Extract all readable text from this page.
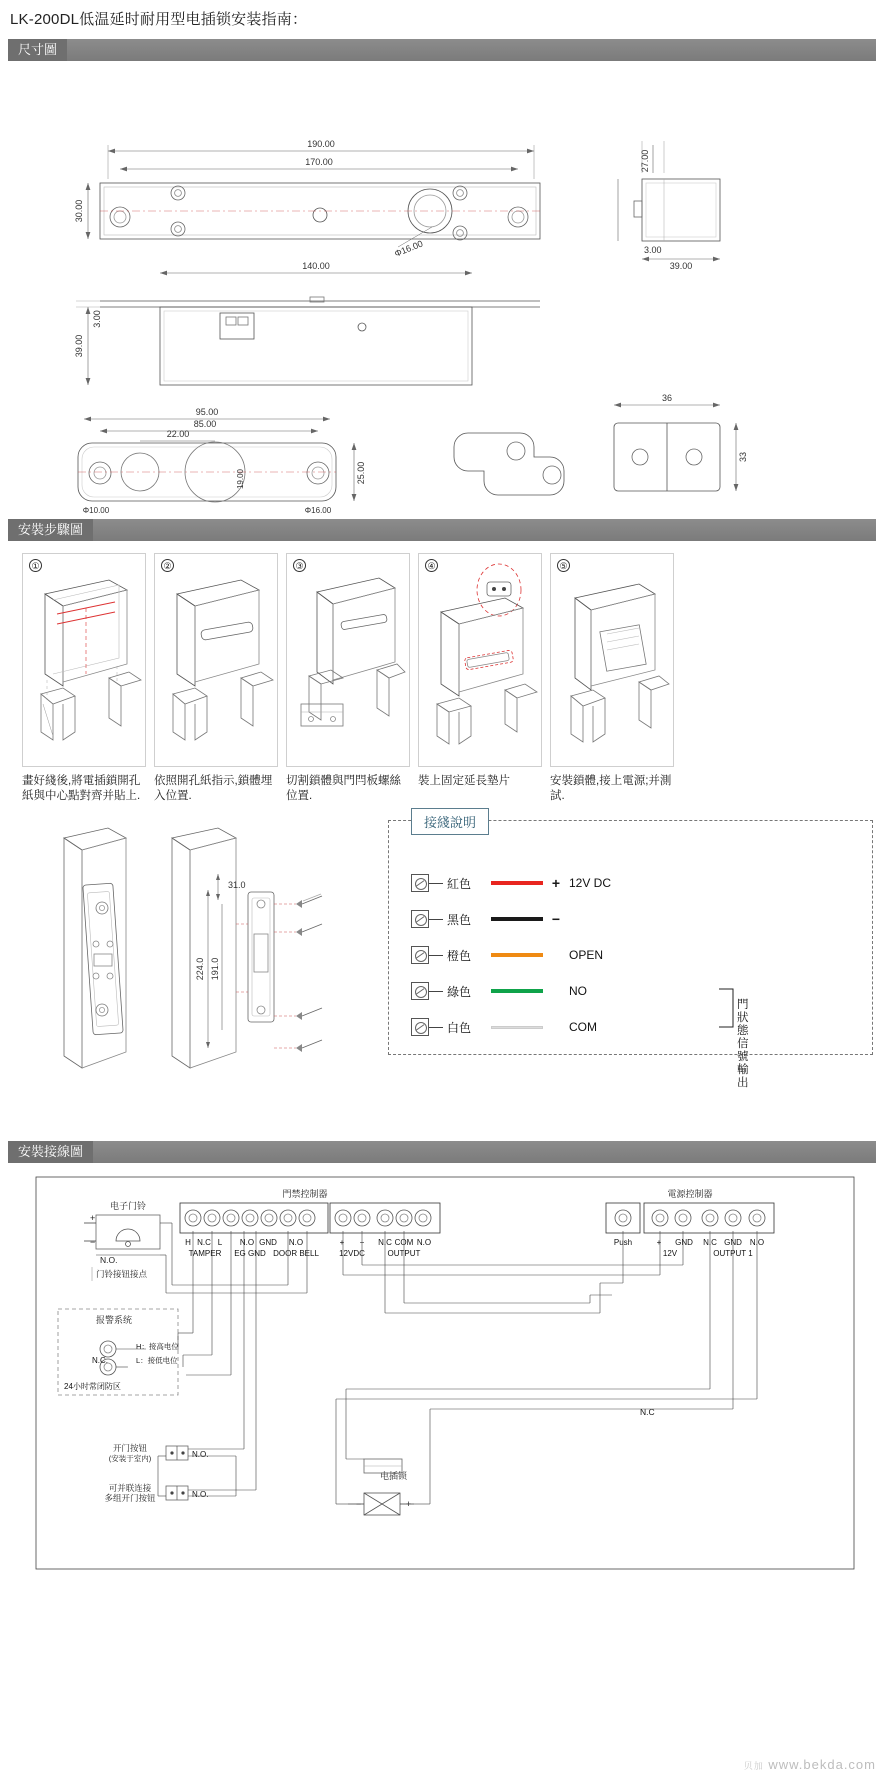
LK-200DL低温延时耐用型电插锁安装指南：
尺寸圖
190.00
170.00
30.00
Φ16.00
27.00
3.00
39.00
140.00
39.00
3.00
95.00
85.00
22.00
25.00
19.00
Φ10.00	Φ16.00
36
33
安裝步驟圖
①
畫好綫後,將電插鎖開孔紙與中心點對齊并貼上.
②
依照開孔紙指示,鎖體埋入位置.
③
切割鎖體與門閂板螺絲位置.
④
裝上固定延長墊片
⑤
安裝鎖體,接上電源;并測試.
31.0
224.0 191.0
接綫說明
紅色	+ 12V DC
黑色	−
橙色	OPEN
綠色	NO
白色	COM
門狀態信號輸出
安裝接線圖
电子门铃
+
−
N.O.
门铃接钮接点
門禁控制器
H N.C L N.O GND N.O	+ − N.C COM N.O
TAMPER EG GND DOOR BELL	12VDC	OUTPUT
電源控制器
Push	+ GND N.C GND N.O
12V	OUTPUT 1
报警系统
N.C.
H：接高电位
L：接低电位
24小时常闭防区
开门按钮
(安装于室内)	N.O.
可并联连接
多组开门按钮	N.O.
电插锁
−	+
N.C
贝加 www.bekda.com
